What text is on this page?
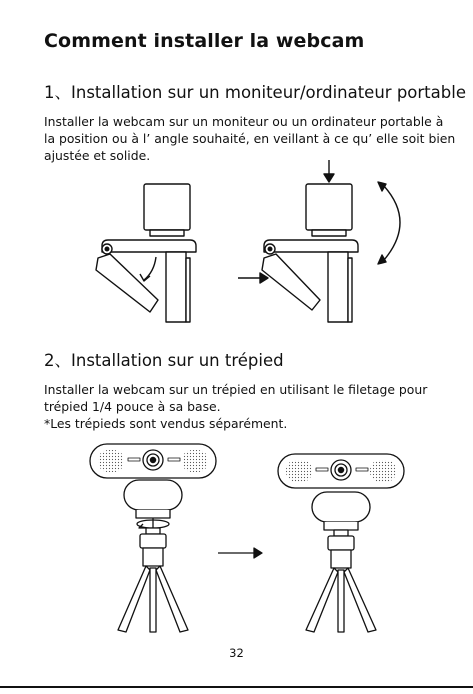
Comment installer la webcam
1、Installation sur un moniteur/ordinateur portable
Installer la webcam sur un moniteur ou un ordinateur portable à
la position ou à l’ angle souhaité, en veillant à ce qu’ elle soit bien
ajustée et solide.
2、Installation sur un trépied
Installer la webcam sur un trépied en utilisant le filetage pour
trépied 1/4 pouce à sa base.
*Les trépieds sont vendus séparément.
32
